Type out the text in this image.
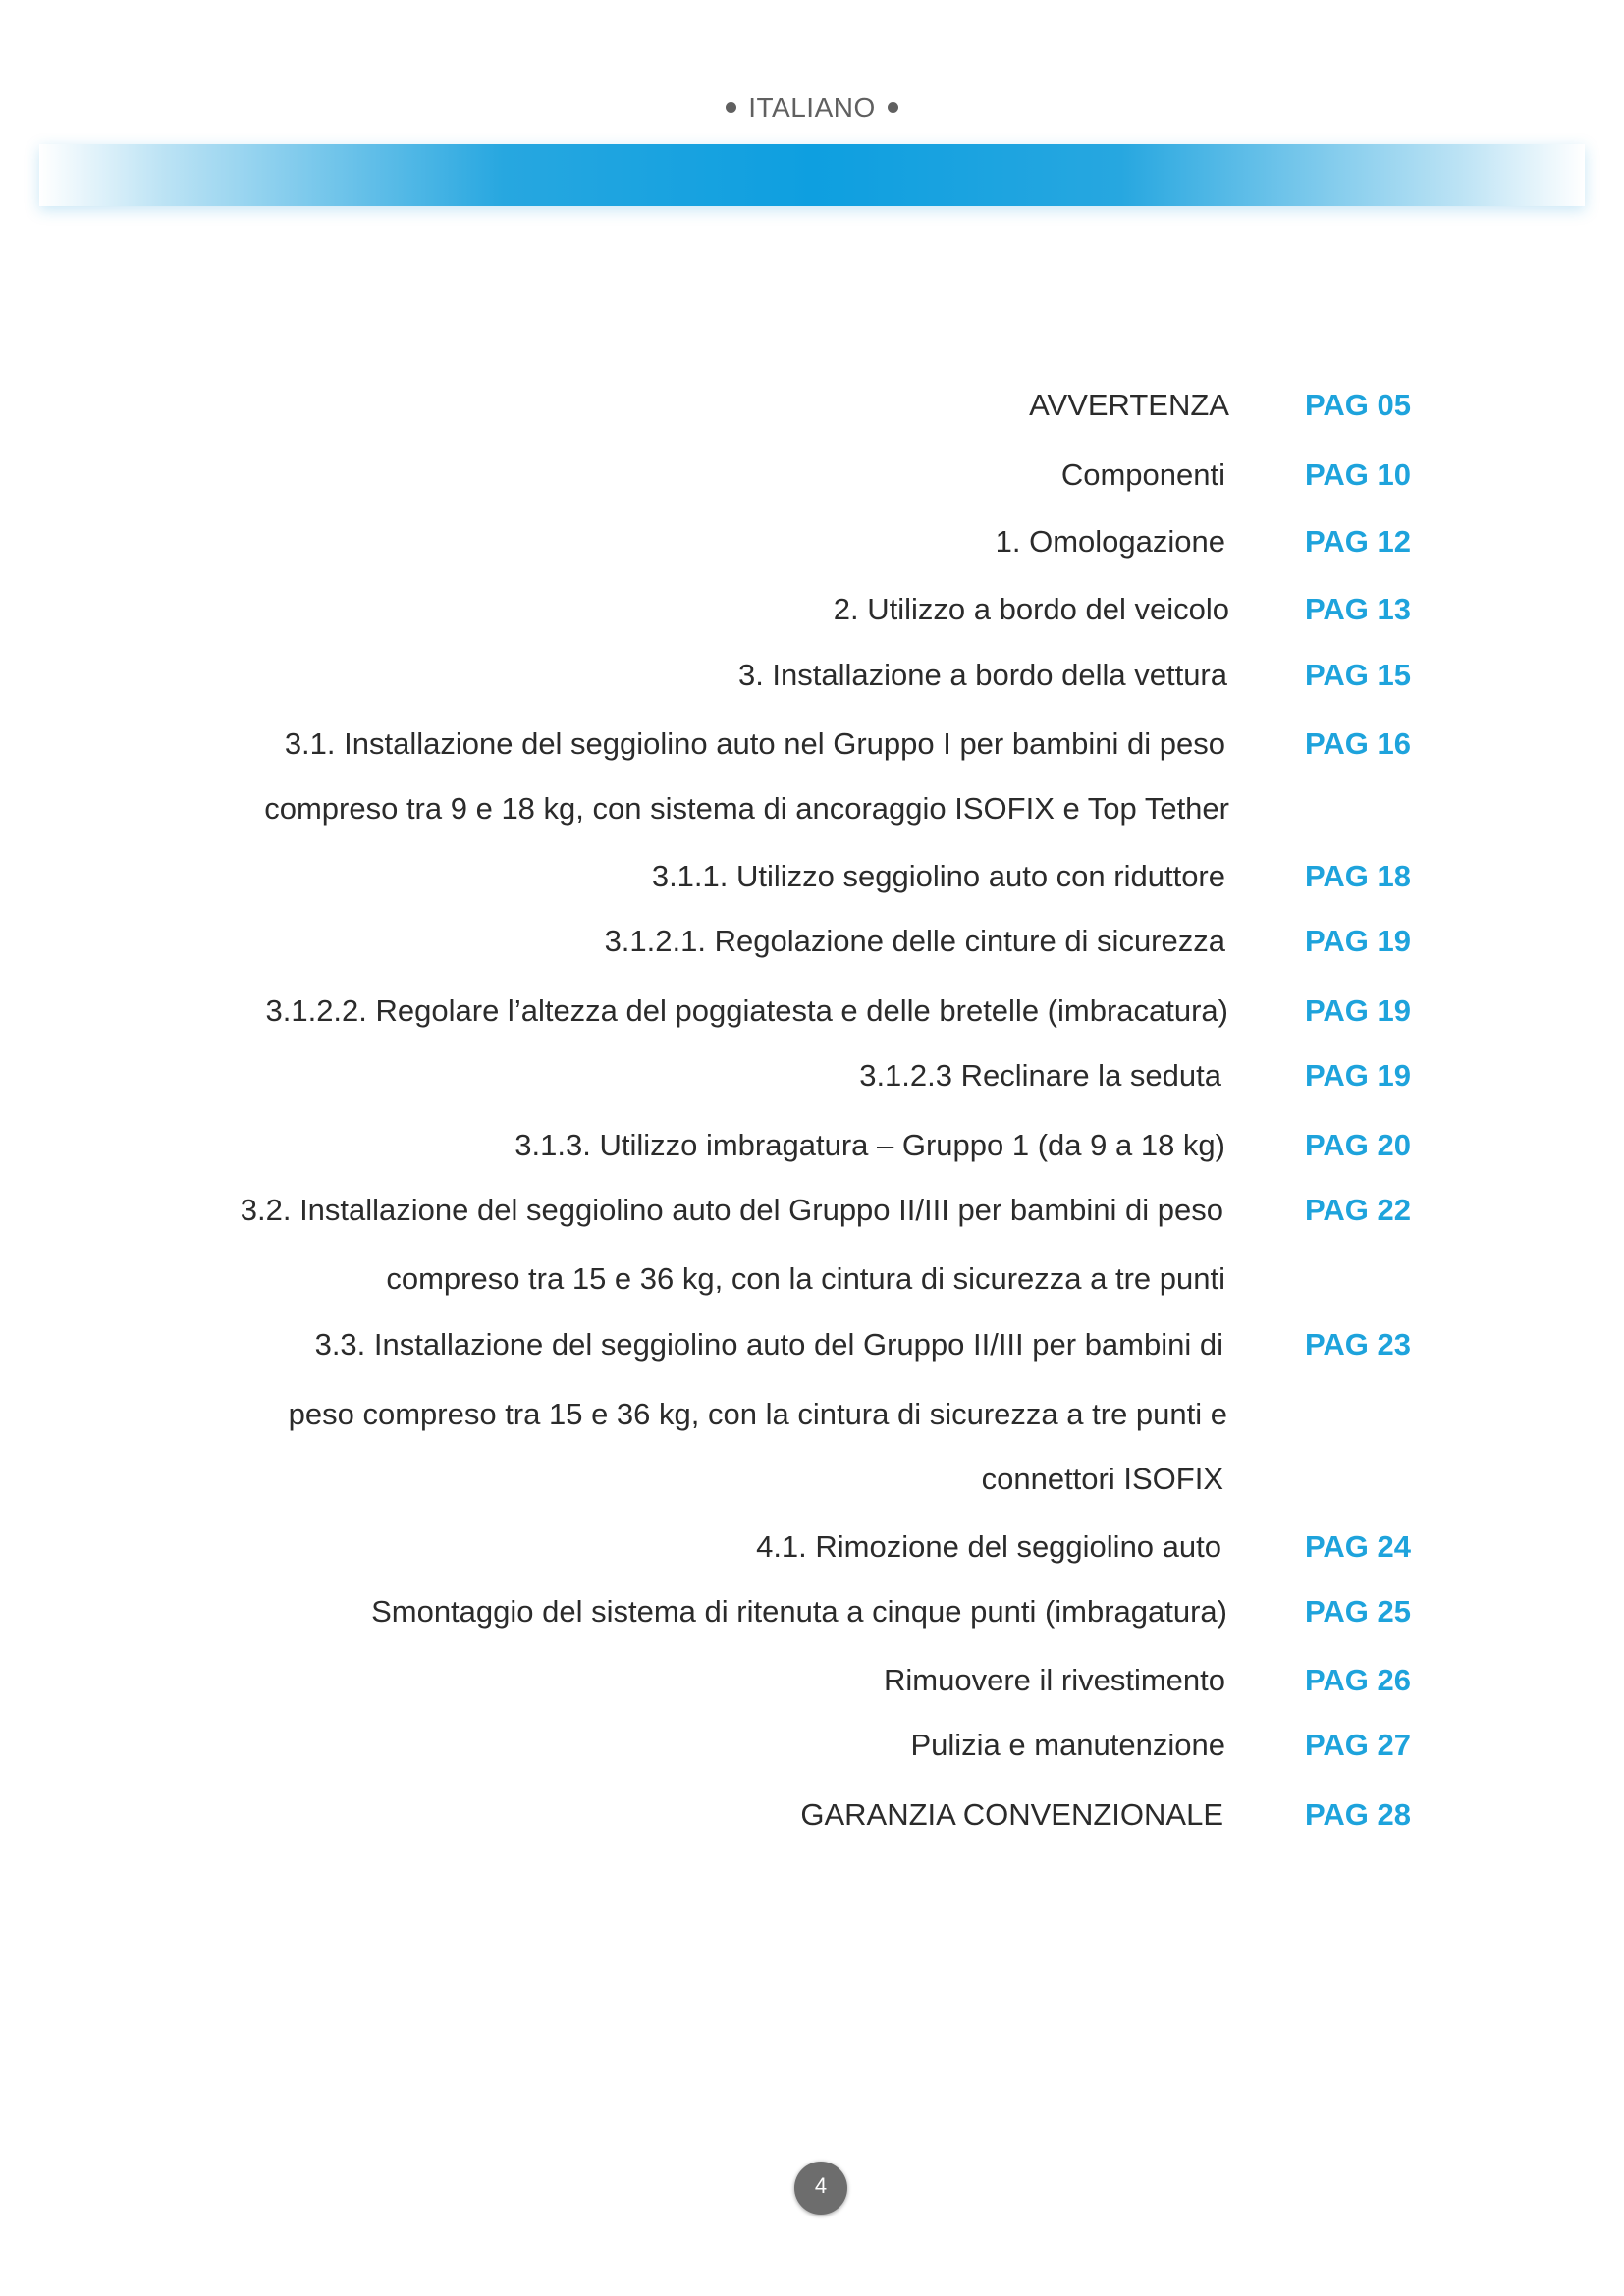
ITALIANO
AVVERTENZA PAG 05
Componenti	PAG 10
1. Omologazione	PAG 12
2. Utilizzo a bordo del veicolo PAG 13
3. Installazione a bordo della vettura	PAG 15
3.1. Installazione del seggiolino auto nel Gruppo I per bambini di peso
compreso tra 9 e 18 kg, con sistema di ancoraggio ISOFIX e Top Tether
PAG 16
3.1.1. Utilizzo seggiolino auto con riduttore	PAG 18
3.1.2.1. Regolazione delle cinture di sicurezza	PAG 19
3.1.2.2. Regolare l’altezza del poggiatesta e delle bretelle (imbracatura)	PAG 19
3.1.2.3 Reclinare la seduta	PAG 19
3.1.3. Utilizzo imbragatura – Gruppo 1 (da 9 a 18 kg)	PAG 20
3.2. Installazione del seggiolino auto del Gruppo II/III per bambini di peso
compreso tra 15 e 36 kg, con la cintura di sicurezza a tre punti
PAG 22
3.3. Installazione del seggiolino auto del Gruppo II/III per bambini di
peso compreso tra 15 e 36 kg, con la cintura di sicurezza a tre punti e
connettori ISOFIX
PAG 23
4.1. Rimozione del seggiolino auto	PAG 24
Smontaggio del sistema di ritenuta a cinque punti (imbragatura)	PAG 25
Rimuovere il rivestimento	PAG 26
Pulizia e manutenzione	PAG 27
GARANZIA CONVENZIONALE	PAG 28
4
